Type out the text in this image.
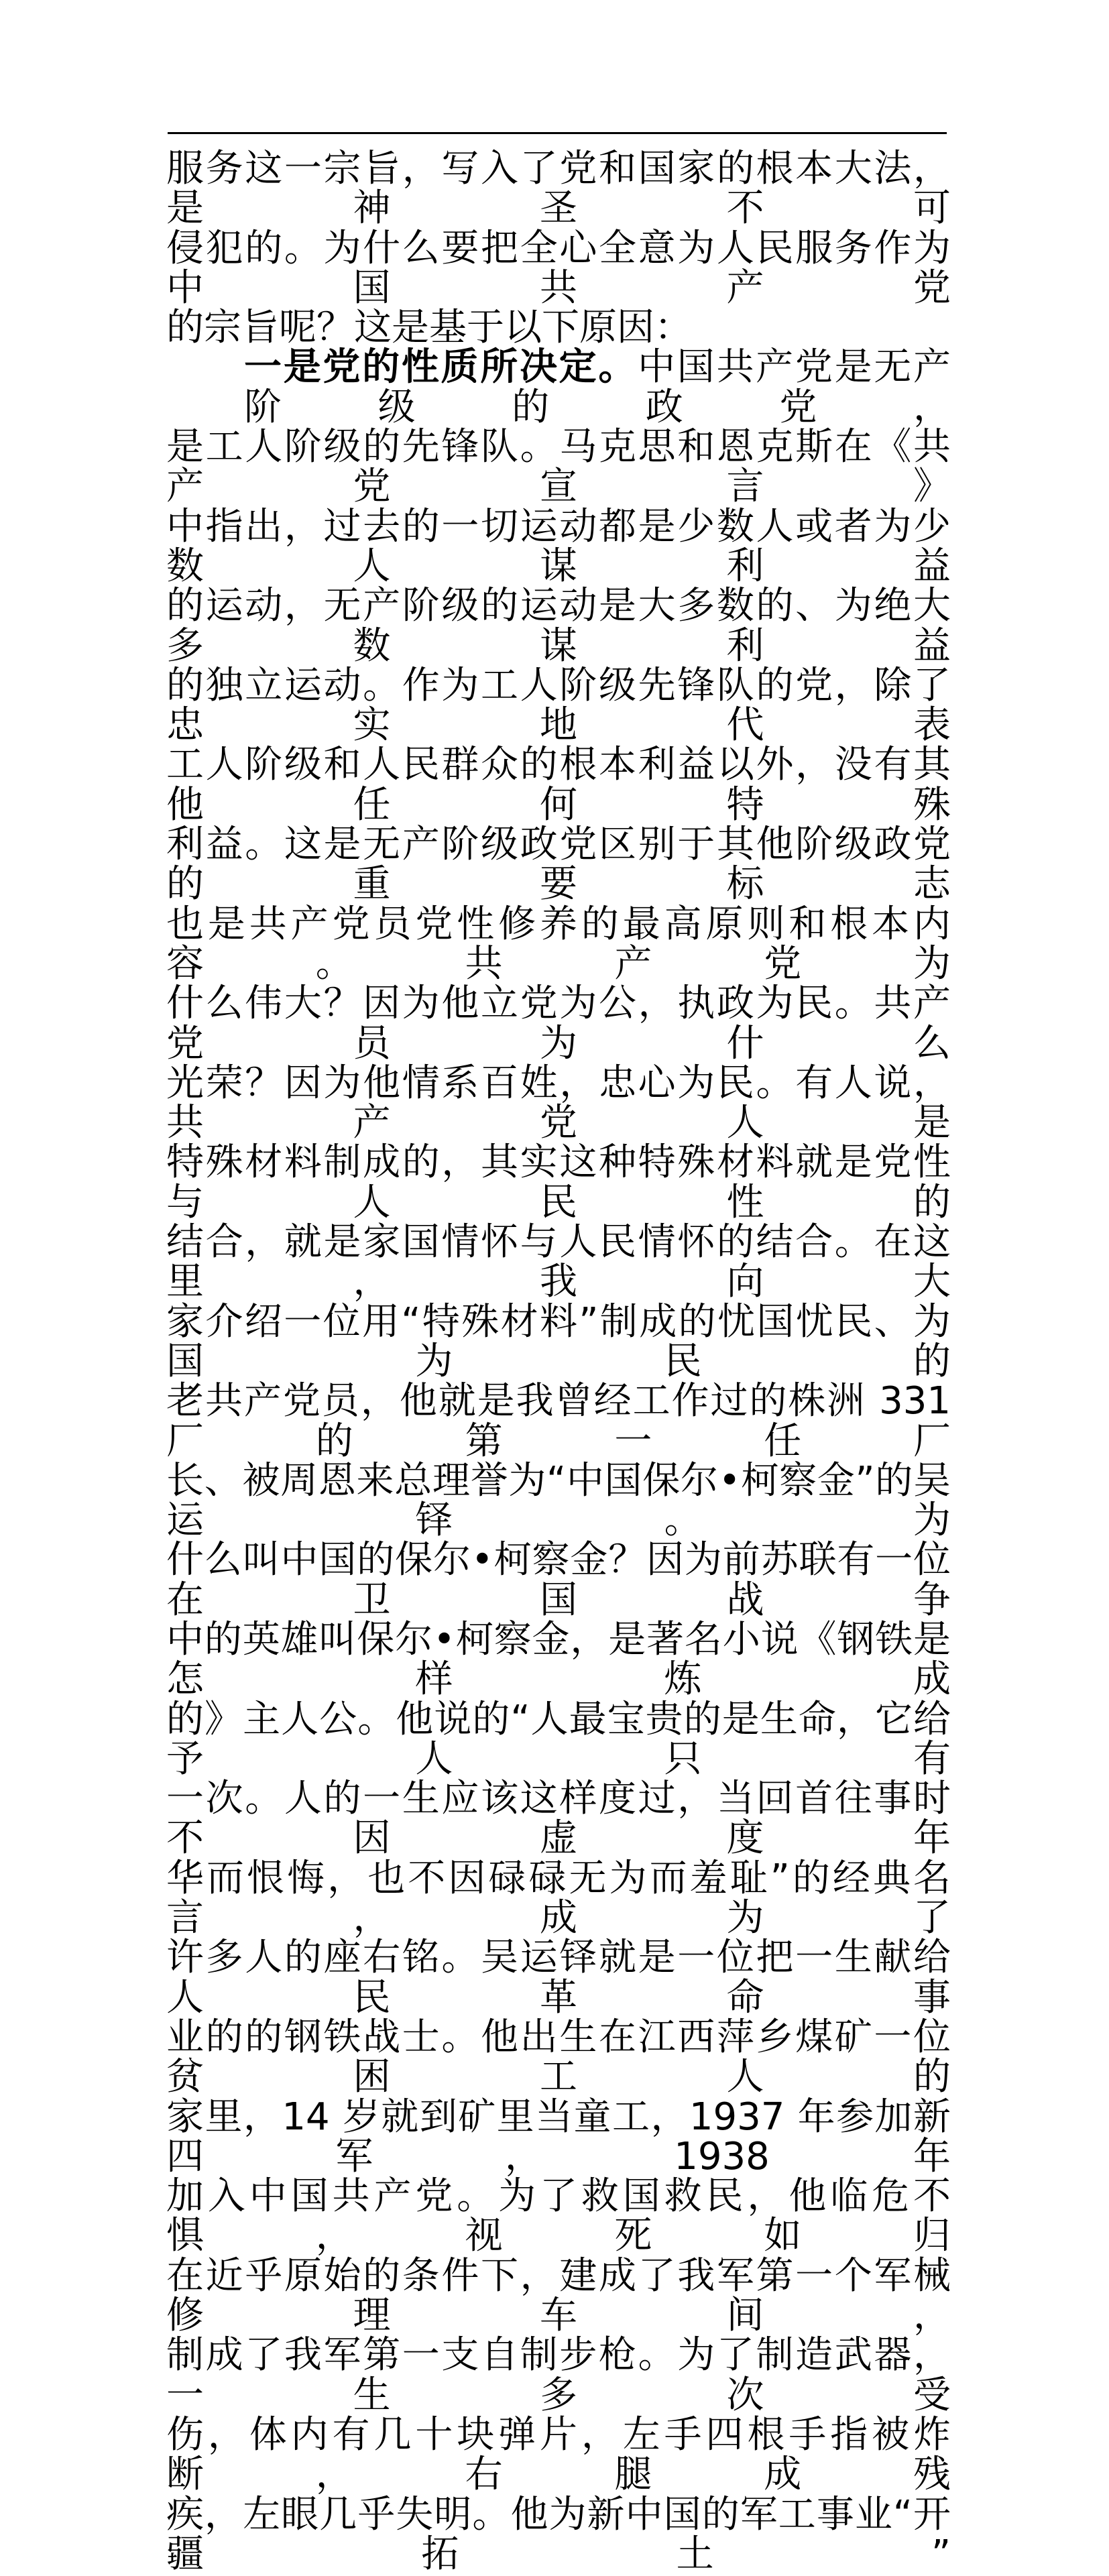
服务这一宗旨，写入了党和国家的根本大法，是神圣不可
侵犯的。为什么要把全心全意为人民服务作为中国共产党
的宗旨呢？这是基于以下原因：
一是党的性质所决定。中国共产党是无产阶级的政党，
是工人阶级的先锋队。马克思和恩克斯在《共产党宣言》
中指出，过去的一切运动都是少数人或者为少数人谋利益
的运动，无产阶级的运动是大多数的、为绝大多数谋利益
的独立运动。作为工人阶级先锋队的党，除了忠实地代表
工人阶级和人民群众的根本利益以外，没有其他任何特殊
利益。这是无产阶级政党区别于其他阶级政党的重要标志
也是共产党员党性修养的最高原则和根本内容。共产党为
什么伟大？因为他立党为公，执政为民。共产党员为什么
光荣？因为他情系百姓，忠心为民。有人说，共产党人是
特殊材料制成的，其实这种特殊材料就是党性与人民性的
结合，就是家国情怀与人民情怀的结合。在这里，我向大
家介绍一位用“特殊材料”制成的忧国忧民、为国为民的
老共产党员，他就是我曾经工作过的株洲 331 厂的第一任厂
长、被周恩来总理誉为“中国保尔•柯察金”的吴运铎。为
什么叫中国的保尔•柯察金？因为前苏联有一位在卫国战争
中的英雄叫保尔•柯察金，是著名小说《钢铁是怎样炼成
的》主人公。他说的“人最宝贵的是生命，它给予人只有
一次。人的一生应该这样度过，当回首往事时不因虚度年
华而恨悔，也不因碌碌无为而羞耻”的经典名言，成为了
许多人的座右铭。吴运铎就是一位把一生献给人民革命事
业的的钢铁战士。他出生在江西萍乡煤矿一位贫困工人的
家里，14 岁就到矿里当童工，1937 年参加新四军，1938 年
加入中国共产党。为了救国救民，他临危不惧，视死如归
在近乎原始的条件下，建成了我军第一个军械修理车间，
制成了我军第一支自制步枪。为了制造武器，一生多次受
伤，体内有几十块弹片，左手四根手指被炸断，右腿成残
疾，左眼几乎失明。他为新中国的军工事业“开疆拓土”
